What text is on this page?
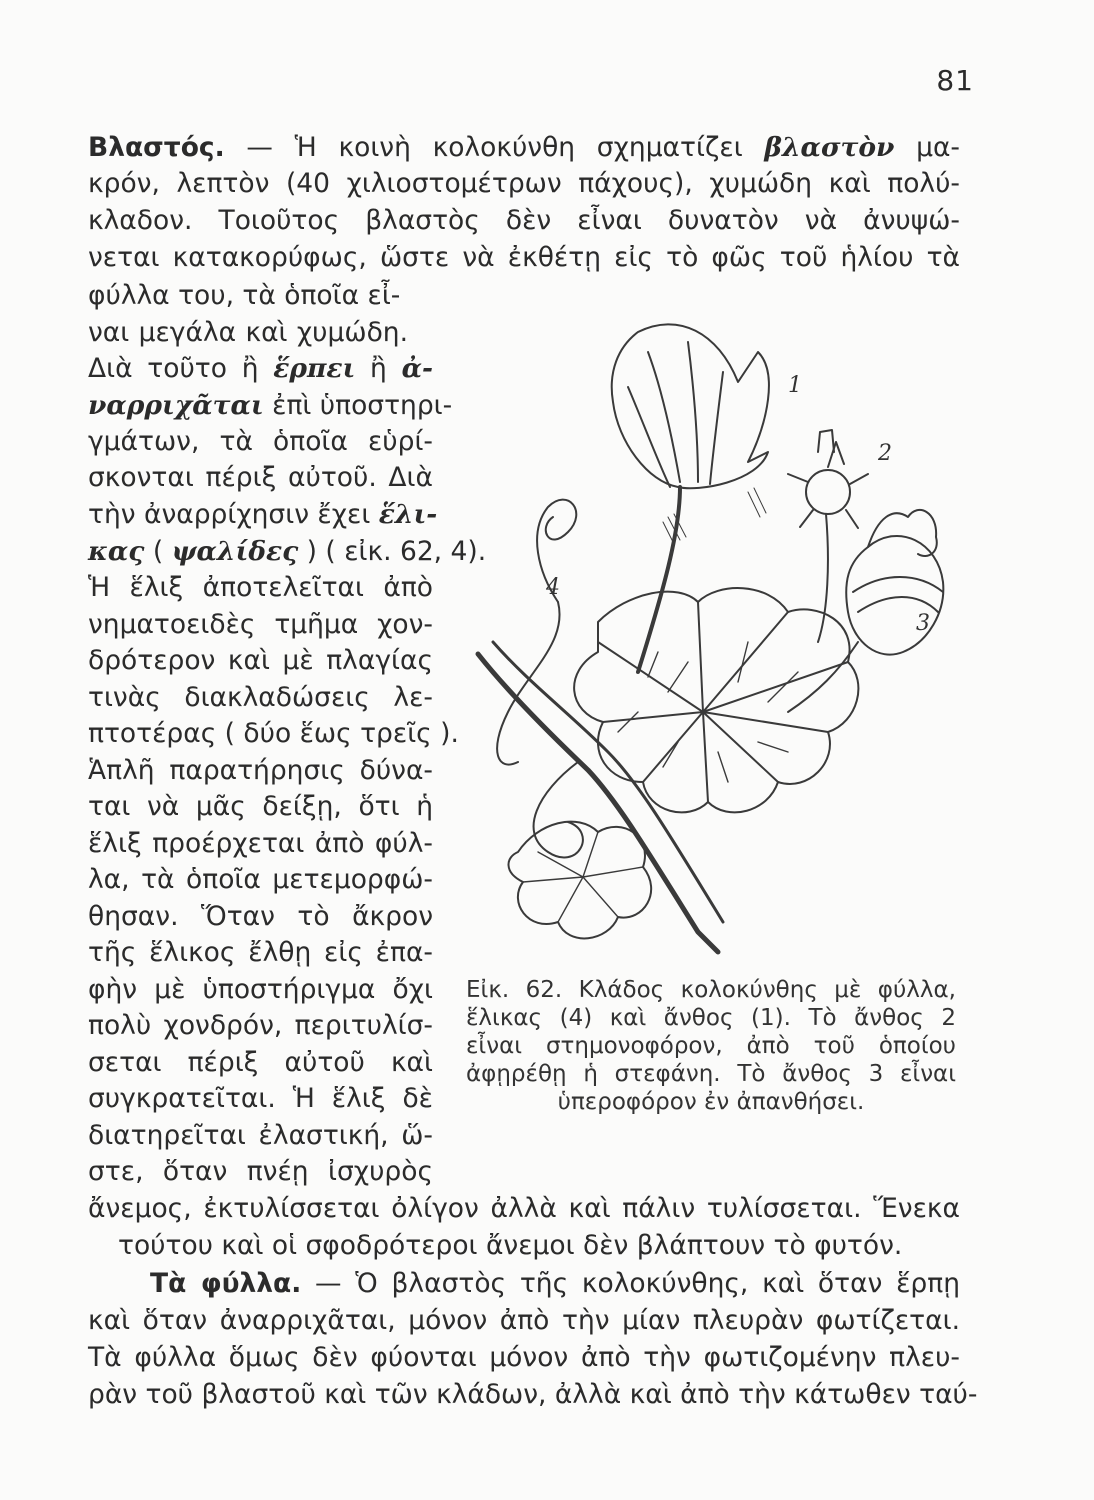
81

Βλαστός. — Ἡ κοινὴ κολοκύνθη σχηματίζει βλαστὸν μα-

κρόν, λεπτὸν (40 χιλιοστομέτρων πάχους), χυμώδη καὶ πολύ-

κλαδον. Τοιοῦτος βλαστὸς δὲν εἶναι δυνατὸν νὰ ἀνυψώ-

νεται κατακορύφως, ὥστε νὰ ἐκθέτῃ εἰς τὸ φῶς τοῦ ἡλίου τὰ

φύλλα του, τὰ ὁποῖα εἶ-

ναι μεγάλα καὶ χυμώδη.

Διὰ τοῦτο ἢ ἕρπει ἢ ἀ-

ναρριχᾶται ἐπὶ ὑποστηρι-

γμάτων, τὰ ὁποῖα εὑρί-

σκονται πέριξ αὐτοῦ. Διὰ

τὴν ἀναρρίχησιν ἔχει ἕλι-

κας ( ψαλίδες ) ( εἰκ. 62, 4).

Ἡ ἕλιξ ἀποτελεῖται ἀπὸ

νηματοειδὲς τμῆμα χον-

δρότερον καὶ μὲ πλαγίας

τινὰς διακλαδώσεις λε-

πτοτέρας ( δύο ἕως τρεῖς ).

Ἁπλῆ παρατήρησις δύνα-

ται νὰ μᾶς δείξῃ, ὅτι ἡ

ἕλιξ προέρχεται ἀπὸ φύλ-

λα, τὰ ὁποῖα μετεμορφώ-

θησαν. Ὅταν τὸ ἄκρον

τῆς ἕλικος ἔλθῃ εἰς ἐπα-

φὴν μὲ ὑποστήριγμα ὄχι

πολὺ χονδρόν, περιτυλίσ-

σεται πέριξ αὐτοῦ καὶ

συγκρατεῖται. Ἡ ἕλιξ δὲ

διατηρεῖται ἐλαστική, ὥ-

στε, ὅταν πνέῃ ἰσχυρὸς

ἄνεμος, ἐκτυλίσσεται ὀλίγον ἀλλὰ καὶ πάλιν τυλίσσεται. Ἕνεκα

τούτου καὶ οἱ σφοδρότεροι ἄνεμοι δὲν βλάπτουν τὸ φυτόν.

Τὰ φύλλα. — Ὁ βλαστὸς τῆς κολοκύνθης, καὶ ὅταν ἕρπῃ

καὶ ὅταν ἀναρριχᾶται, μόνον ἀπὸ τὴν μίαν πλευρὰν φωτίζεται.

Τὰ φύλλα ὅμως δὲν φύονται μόνον ἀπὸ τὴν φωτιζομένην πλευ-

ρὰν τοῦ βλαστοῦ καὶ τῶν κλάδων, ἀλλὰ καὶ ἀπὸ τὴν κάτωθεν ταύ-

1
2
3
4

Εἰκ. 62. Κλάδος κολοκύνθης μὲ φύλλα,

ἕλικας (4) καὶ ἄνθος (1). Τὸ ἄνθος 2

εἶναι στημονοφόρον, ἀπὸ τοῦ ὁποίου

ἀφῃρέθῃ ἡ στεφάνη. Τὸ ἄνθος 3 εἶναι

ὑπεροφόρον ἐν ἀπανθήσει.
